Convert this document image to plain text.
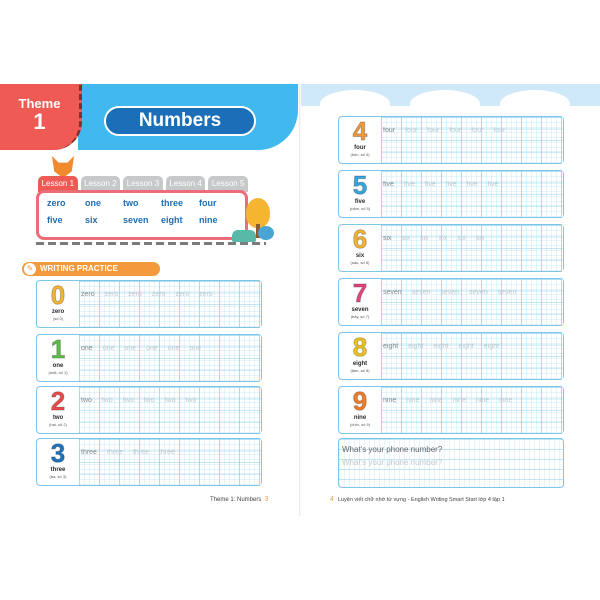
Theme
1	Numbers
Lesson 1	Lesson 2	Lesson 3	Lesson 4	Lesson 5
zero	one	two	three	four
five	six	seven	eight	nine
✎ WRITING PRACTICE
0
zero
(số 0)
zero zero zero zero zero zero
1
one
(một, số 1)
one one one one one one
2
two
(hai, số 2)
two two two two two two
3
three
(ba, số 3)
three three three three
4
four
(bốn, số 4)
four four four four four four
5
five
(năm, số 5)
five five five five five five
6
six
(sáu, số 6)
six six six six six six
7
seven
(bảy, số 7)
seven seven seven seven seven
8
eight
(tám, số 8)
eight eight eight eight eight
9
nine
(chín, số 9)
nine nine nine nine nine nine
What's your phone number?
What's your phone number?
Theme 1: Numbers 3	4 Luyện viết chữ nhớ từ vựng - English Writing Smart Start lớp 4 tập 1
